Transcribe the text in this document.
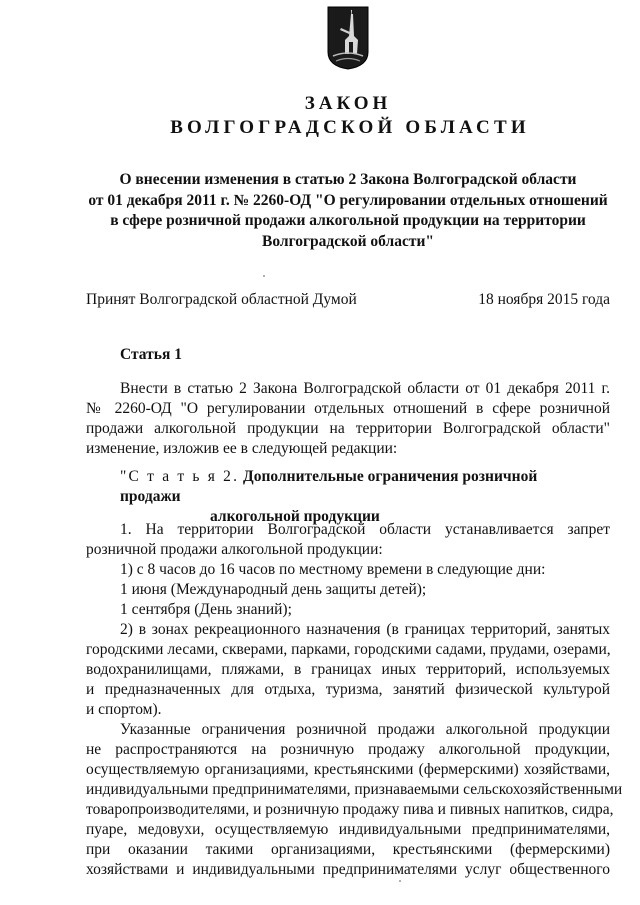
ЗАКОН
ВОЛГОГРАДСКОЙ ОБЛАСТИ
О внесении изменения в статью 2 Закона Волгоградской области
от 01 декабря 2011 г. № 2260-ОД "О регулировании отдельных отношений
в сфере розничной продажи алкогольной продукции на территории
Волгоградской области"
Принят Волгоградской областной Думой	18 ноября 2015 года
Статья 1
Внести в статью 2 Закона Волгоградской области от 01 декабря 2011 г.
№ 2260-ОД "О регулировании отдельных отношений в сфере розничной
продажи алкогольной продукции на территории Волгоградской области"
изменение, изложив ее в следующей редакции:
"С т а т ь я 2. Дополнительные ограничения розничной продажи
алкогольной продукции
1. На территории Волгоградской области устанавливается запрет
розничной продажи алкогольной продукции:
1) с 8 часов до 16 часов по местному времени в следующие дни:
1 июня (Международный день защиты детей);
1 сентября (День знаний);
2) в зонах рекреационного назначения (в границах территорий, занятых
городскими лесами, скверами, парками, городскими садами, прудами, озерами,
водохранилищами, пляжами, в границах иных территорий, используемых
и предназначенных для отдыха, туризма, занятий физической культурой
и спортом).
Указанные ограничения розничной продажи алкогольной продукции
не распространяются на розничную продажу алкогольной продукции,
осуществляемую организациями, крестьянскими (фермерскими) хозяйствами,
индивидуальными предпринимателями, признаваемыми сельскохозяйственными
товаропроизводителями, и розничную продажу пива и пивных напитков, сидра,
пуаре, медовухи, осуществляемую индивидуальными предпринимателями,
при оказании такими организациями, крестьянскими (фермерскими)
хозяйствами и индивидуальными предпринимателями услуг общественного
